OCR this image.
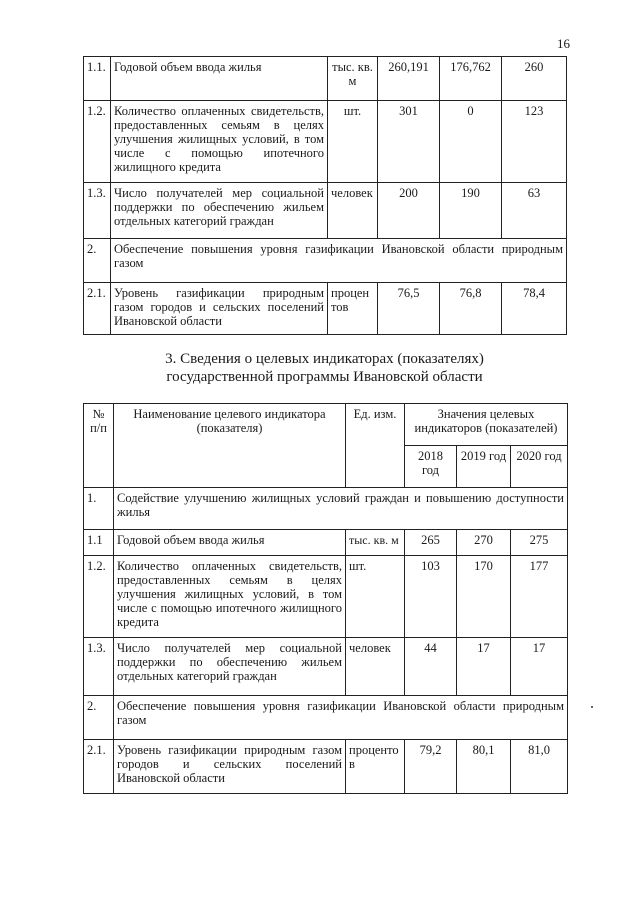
16
1.1.	Годовой объем ввода жилья	тыс. кв. м	260,191	176,762	260
1.2.	Количество оплаченных свидетельств, предоставленных семьям в целях улучшения жилищных условий, в том числе с помощью ипотечного жилищного кредита	шт.	301	0	123
1.3.	Число получателей мер социальной поддержки по обеспечению жильем отдельных категорий граждан	человек	200	190	63
2.	Обеспечение повышения уровня газификации Ивановской области природным газом				
2.1.	Уровень газификации природным газом городов и сельских поселений Ивановской области	процентов	76,5	76,8	78,4
3. Сведения о целевых индикаторах (показателях)
государственной программы Ивановской области
№ п/п	Наименование целевого индикатора (показателя)	Ед. изм.	Значения целевых индикаторов (показателей)		
			2018 год	2019 год	2020 год
1.	Содействие улучшению жилищных условий граждан и повышению доступности жилья				
1.1	Годовой объем ввода жилья	тыс. кв. м	265	270	275
1.2.	Количество оплаченных свидетельств, предоставленных семьям в целях улучшения жилищных условий, в том числе с помощью ипотечного жилищного кредита	шт.	103	170	177
1.3.	Число получателей мер социальной поддержки по обеспечению жильем отдельных категорий граждан	человек	44	17	17
2.	Обеспечение повышения уровня газификации Ивановской области природным газом				
2.1.	Уровень газификации природным газом городов и сельских поселений Ивановской области	процентов	79,2	80,1	81,0
